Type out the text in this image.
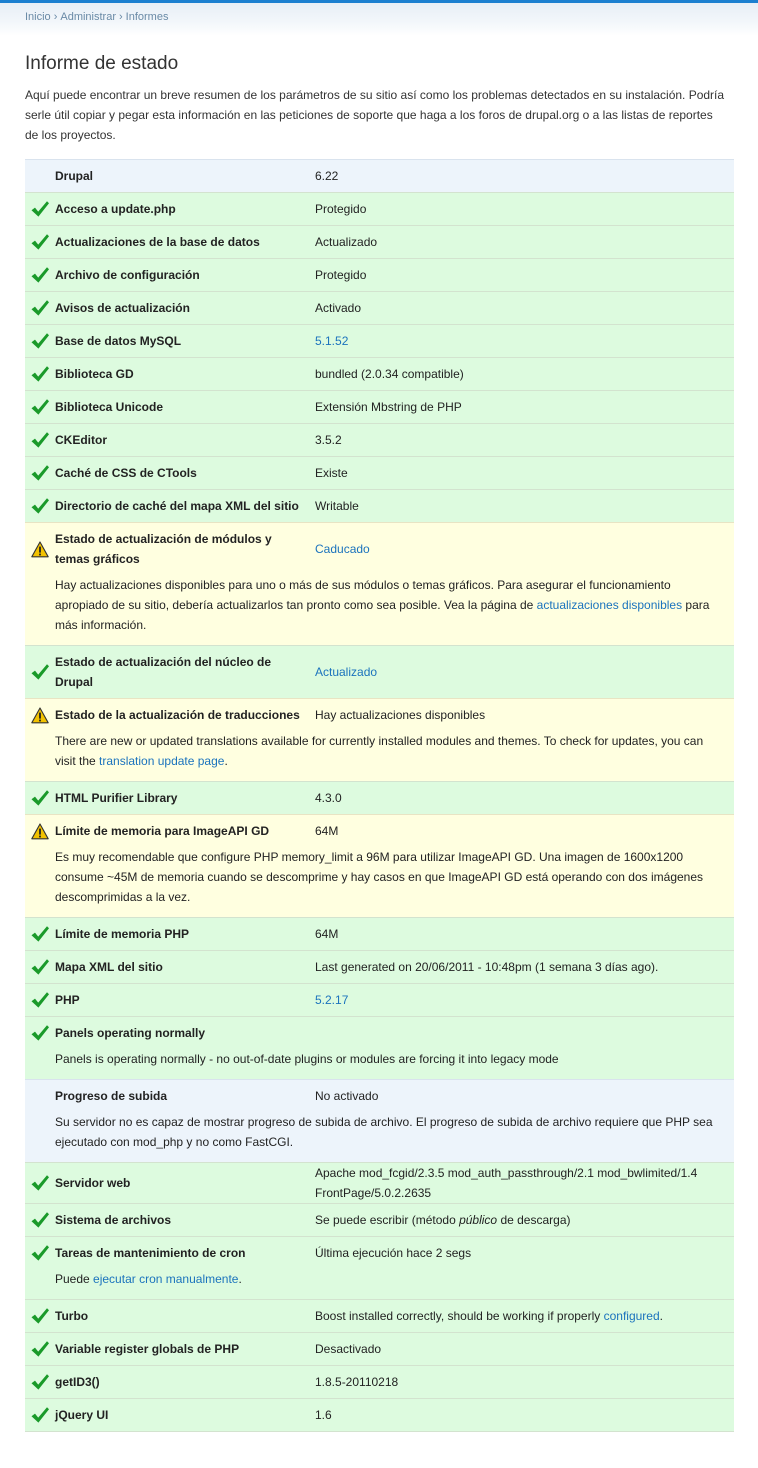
Inicio › Administrar › Informes
Informe de estado

Aquí puede encontrar un breve resumen de los parámetros de su sitio así como los problemas detectados en su instalación. Podría serle útil copiar y pegar esta información en las peticiones de soporte que haga a los foros de drupal.org o a las listas de reportes de los proyectos.

	Drupal	6.22

	Acceso a update.php	Protegido

	Actualizaciones de la base de datos	Actualizado

	Archivo de configuración	Protegido

	Avisos de actualización	Activado

	Base de datos MySQL	5.1.52

	Biblioteca GD	bundled (2.0.34 compatible)

	Biblioteca Unicode	Extensión Mbstring de PHP

	CKEditor	3.5.2

	Caché de CSS de CTools	Existe

	Directorio de caché del mapa XML del sitio	Writable

	Estado de actualización de módulos y temas gráficos	Caducado
Hay actualizaciones disponibles para uno o más de sus módulos o temas gráficos. Para asegurar el funcionamiento apropiado de su sitio, debería actualizarlos tan pronto como sea posible. Vea la página de actualizaciones disponibles para más información.		

	Estado de actualización del núcleo de Drupal	Actualizado

	Estado de la actualización de traducciones	Hay actualizaciones disponibles
There are new or updated translations available for currently installed modules and themes. To check for updates, you can visit the translation update page.		

	HTML Purifier Library	4.3.0

	Límite de memoria para ImageAPI GD	64M
Es muy recomendable que configure PHP memory_limit a 96M para utilizar ImageAPI GD. Una imagen de 1600x1200 consume ~45M de memoria cuando se descomprime y hay casos en que ImageAPI GD está operando con dos imágenes descomprimidas a la vez.		

	Límite de memoria PHP	64M

	Mapa XML del sitio	Last generated on 20/06/2011 - 10:48pm (1 semana 3 días ago).

	PHP	5.2.17

	Panels operating normally	
Panels is operating normally - no out-of-date plugins or modules are forcing it into legacy mode		
	Progreso de subida	No activado
Su servidor no es capaz de mostrar progreso de subida de archivo. El progreso de subida de archivo requiere que PHP sea ejecutado con mod_php y no como FastCGI.		

	Servidor web	Apache mod_fcgid/2.3.5 mod_auth_passthrough/2.1 mod_bwlimited/1.4 FrontPage/5.0.2.2635

	Sistema de archivos	Se puede escribir (método público de descarga)

	Tareas de mantenimiento de cron	Última ejecución hace 2 segs
Puede ejecutar cron manualmente.		

	Turbo	Boost installed correctly, should be working if properly configured.

	Variable register globals de PHP	Desactivado

	getID3()	1.8.5-20110218

	jQuery UI	1.6
